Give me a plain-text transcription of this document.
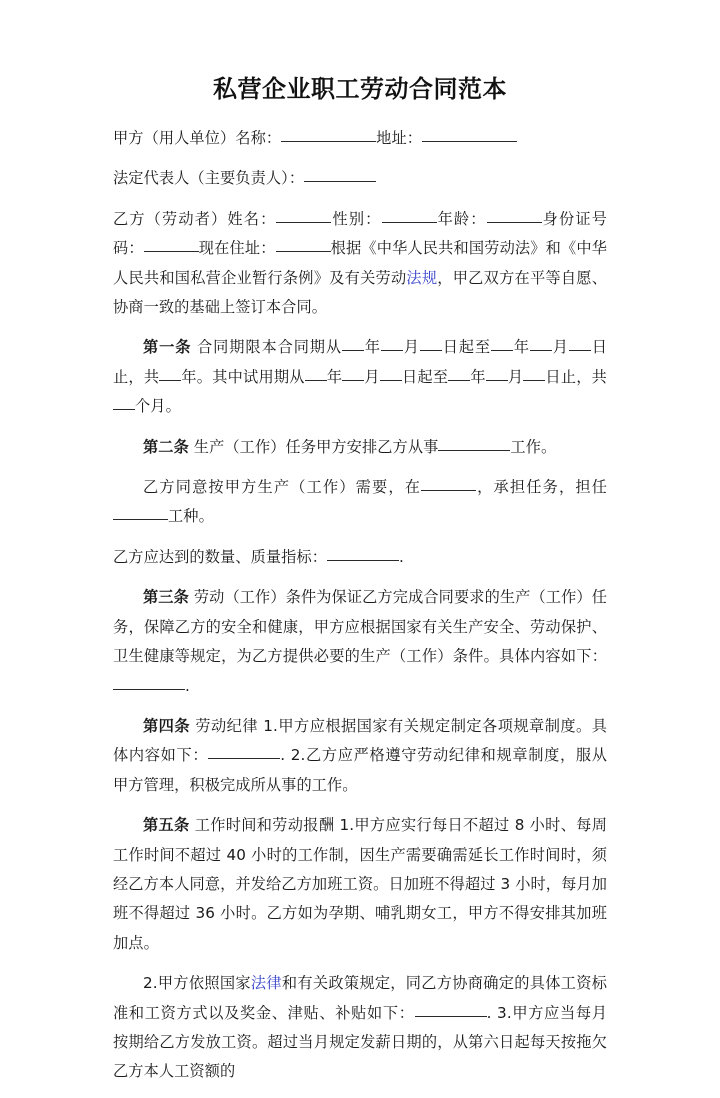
私营企业职工劳动合同范本

甲方（用人单位）名称：	地址：

法定代表人（主要负责人）：

乙方（劳动者）姓名：	性别：	年龄：	身份证号码：	现在住址：	根据《中华人民共和国劳动法》和《中华人民共和国私营企业暂行条例》及有关劳动法规，甲乙双方在平等自愿、协商一致的基础上签订本合同。

第一条 合同期限本合同期从 年 月 日起至 年 月 日止，共 年。其中试用期从 年 月 日起至 年 月 日止，共 个月。

第二条 生产（工作）任务甲方安排乙方从事	工作。

乙方同意按甲方生产（工作）需要，在	，承担任务，担任 工种。

乙方应达到的数量、质量指标：	.

第三条 劳动（工作）条件为保证乙方完成合同要求的生产（工作）任务，保障乙方的安全和健康，甲方应根据国家有关生产安全、劳动保护、卫生健康等规定，为乙方提供必要的生产（工作）条件。具体内容如下： .

第四条 劳动纪律 1.甲方应根据国家有关规定制定各项规章制度。具体内容如下：	. 2.乙方应严格遵守劳动纪律和规章制度，服从甲方管理，积极完成所从事的工作。

第五条 工作时间和劳动报酬 1.甲方应实行每日不超过 8 小时、每周工作时间不超过 40 小时的工作制，因生产需要确需延长工作时间时，须经乙方本人同意，并发给乙方加班工资。日加班不得超过 3 小时，每月加班不得超过 36 小时。乙方如为孕期、哺乳期女工，甲方不得安排其加班加点。

2.甲方依照国家法律和有关政策规定，同乙方协商确定的具体工资标准和工资方式以及奖金、津贴、补贴如下：	. 3.甲方应当每月按期给乙方发放工资。超过当月规定发薪日期的，从第六日起每天按拖欠乙方本人工资额的
